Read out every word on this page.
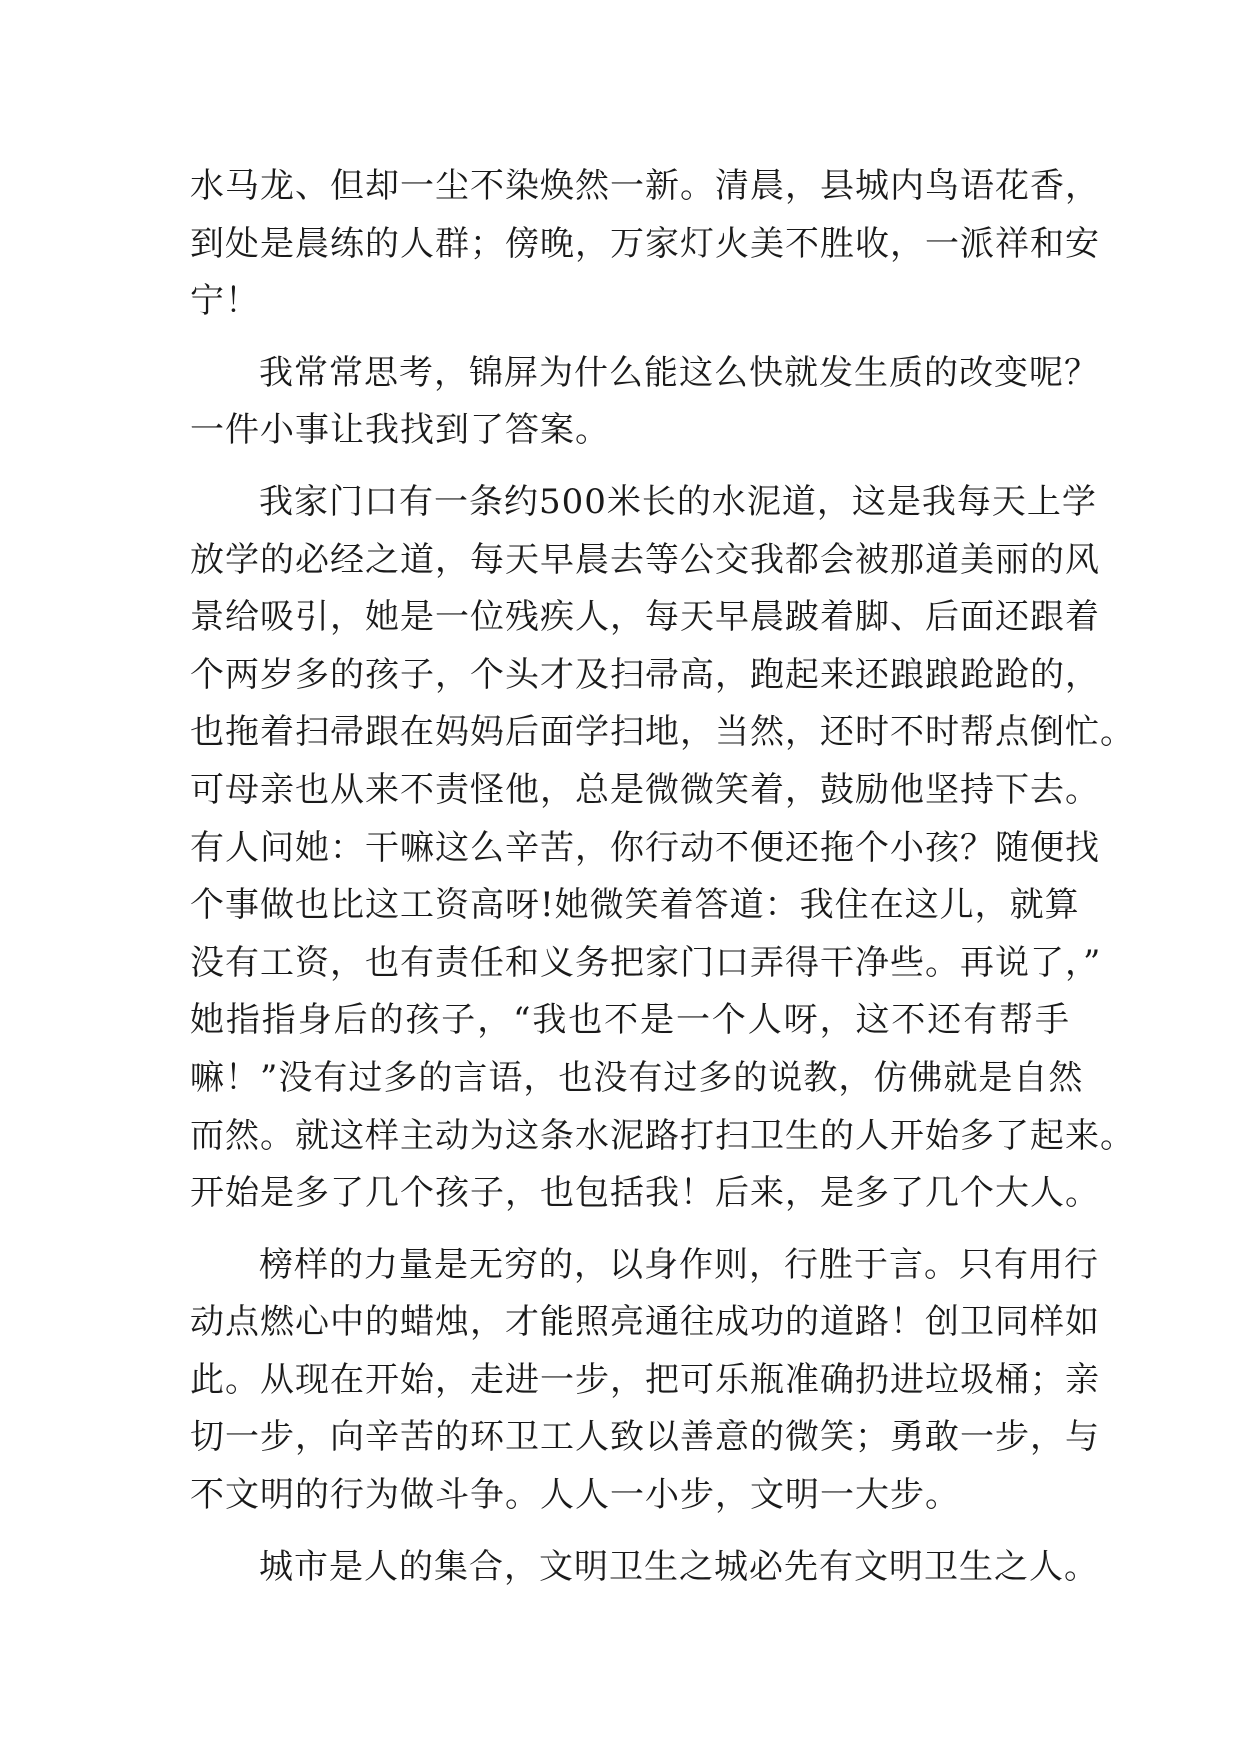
水马龙、但却一尘不染焕然一新。清晨，县城内鸟语花香，
到处是晨练的人群；傍晚，万家灯火美不胜收，一派祥和安
宁！
我常常思考，锦屏为什么能这么快就发生质的改变呢？
一件小事让我找到了答案。
我家门口有一条约500米长的水泥道，这是我每天上学
放学的必经之道，每天早晨去等公交我都会被那道美丽的风
景给吸引，她是一位残疾人，每天早晨跛着脚、后面还跟着
个两岁多的孩子，个头才及扫帚高，跑起来还踉踉跄跄的，
也拖着扫帚跟在妈妈后面学扫地，当然，还时不时帮点倒忙。
可母亲也从来不责怪他，总是微微笑着，鼓励他坚持下去。
有人问她：干嘛这么辛苦，你行动不便还拖个小孩？随便找
个事做也比这工资高呀!她微笑着答道：我住在这儿，就算
没有工资，也有责任和义务把家门口弄得干净些。再说了，”
她指指身后的孩子，“我也不是一个人呀，这不还有帮手
嘛！”没有过多的言语，也没有过多的说教，仿佛就是自然
而然。就这样主动为这条水泥路打扫卫生的人开始多了起来。
开始是多了几个孩子，也包括我！后来，是多了几个大人。
榜样的力量是无穷的，以身作则，行胜于言。只有用行
动点燃心中的蜡烛，才能照亮通往成功的道路！创卫同样如
此。从现在开始，走进一步，把可乐瓶准确扔进垃圾桶；亲
切一步，向辛苦的环卫工人致以善意的微笑；勇敢一步，与
不文明的行为做斗争。人人一小步，文明一大步。
城市是人的集合，文明卫生之城必先有文明卫生之人。
